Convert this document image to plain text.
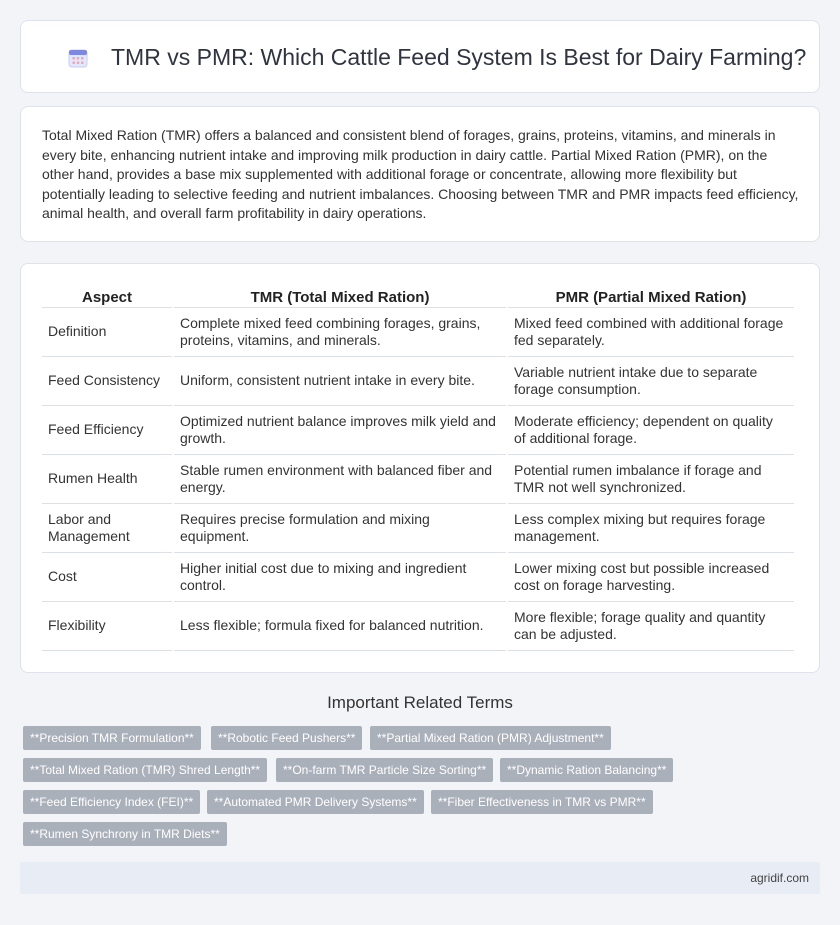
TMR vs PMR: Which Cattle Feed System Is Best for Dairy Farming?

Total Mixed Ration (TMR) offers a balanced and consistent blend of forages, grains, proteins, vitamins, and minerals in every bite, enhancing nutrient intake and improving milk production in dairy cattle. Partial Mixed Ration (PMR), on the other hand, provides a base mix supplemented with additional forage or concentrate, allowing more flexibility but potentially leading to selective feeding and nutrient imbalances. Choosing between TMR and PMR impacts feed efficiency, animal health, and overall farm profitability in dairy operations.

Aspect	TMR (Total Mixed Ration)	PMR (Partial Mixed Ration)
Definition	Complete mixed feed combining forages, grains, proteins, vitamins, and minerals.	Mixed feed combined with additional forage fed separately.
Feed Consistency	Uniform, consistent nutrient intake in every bite.	Variable nutrient intake due to separate forage consumption.
Feed Efficiency	Optimized nutrient balance improves milk yield and growth.	Moderate efficiency; dependent on quality of additional forage.
Rumen Health	Stable rumen environment with balanced fiber and energy.	Potential rumen imbalance if forage and TMR not well synchronized.
Labor and Management	Requires precise formulation and mixing equipment.	Less complex mixing but requires forage management.
Cost	Higher initial cost due to mixing and ingredient control.	Lower mixing cost but possible increased cost on forage harvesting.
Flexibility	Less flexible; formula fixed for balanced nutrition.	More flexible; forage quality and quantity can be adjusted.
Important Related Terms
**Precision TMR Formulation**	**Robotic Feed Pushers**	**Partial Mixed Ration (PMR) Adjustment**
**Total Mixed Ration (TMR) Shred Length**	**On-farm TMR Particle Size Sorting**	**Dynamic Ration Balancing**
**Feed Efficiency Index (FEI)**	**Automated PMR Delivery Systems**	**Fiber Effectiveness in TMR vs PMR**
**Rumen Synchrony in TMR Diets**
agridif.com
